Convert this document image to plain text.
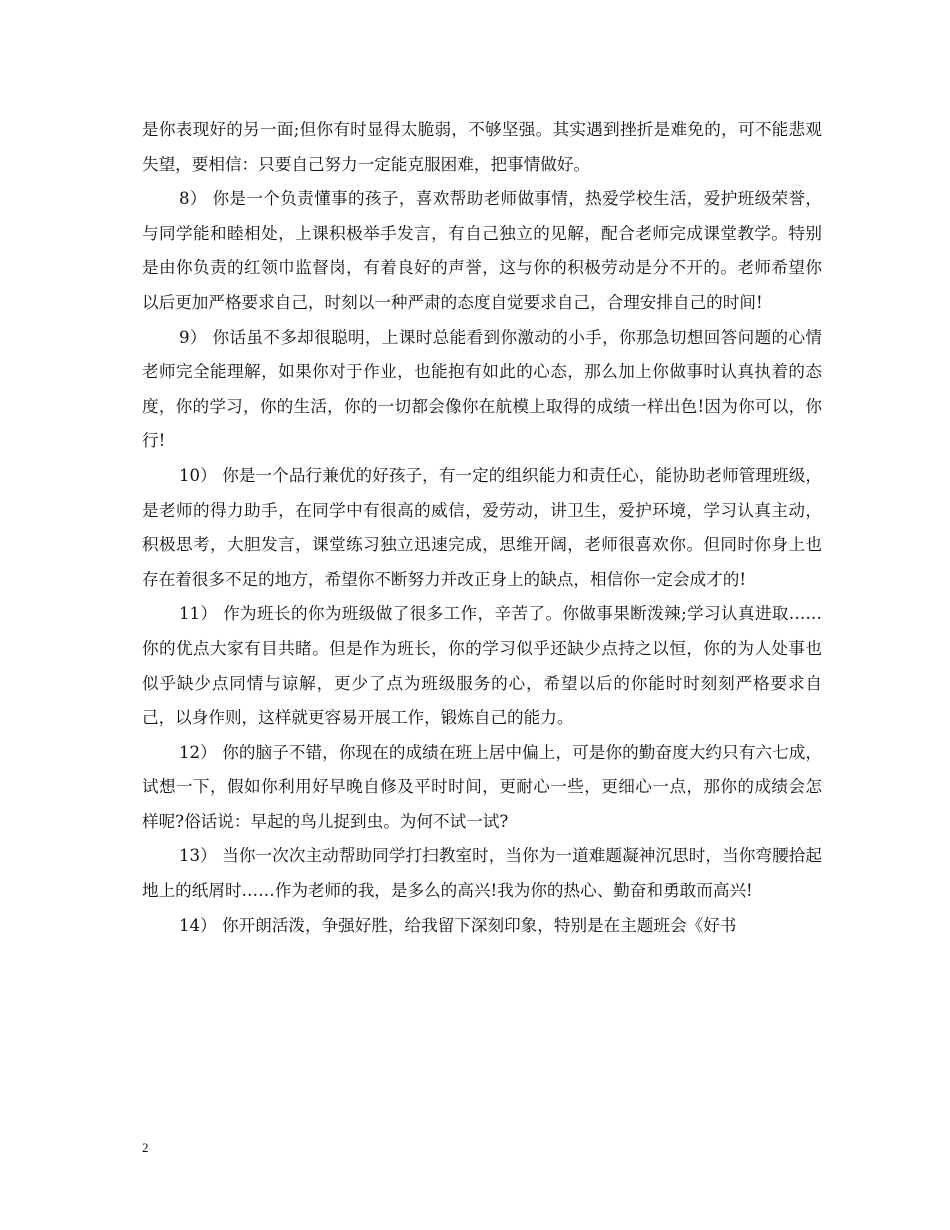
是你表现好的另一面;但你有时显得太脆弱，不够坚强。其实遇到挫折是难免的，可不能悲观失望，要相信：只要自己努力一定能克服困难，把事情做好。

8） 你是一个负责懂事的孩子，喜欢帮助老师做事情，热爱学校生活，爱护班级荣誉，与同学能和睦相处，上课积极举手发言，有自己独立的见解，配合老师完成课堂教学。特别是由你负责的红领巾监督岗，有着良好的声誉，这与你的积极劳动是分不开的。老师希望你以后更加严格要求自己，时刻以一种严肃的态度自觉要求自己，合理安排自己的时间!

9） 你话虽不多却很聪明，上课时总能看到你激动的小手，你那急切想回答问题的心情老师完全能理解，如果你对于作业，也能抱有如此的心态，那么加上你做事时认真执着的态度，你的学习，你的生活，你的一切都会像你在航模上取得的成绩一样出色!因为你可以，你行!

10） 你是一个品行兼优的好孩子，有一定的组织能力和责任心，能协助老师管理班级，是老师的得力助手，在同学中有很高的威信，爱劳动，讲卫生，爱护环境，学习认真主动，积极思考，大胆发言，课堂练习独立迅速完成，思维开阔，老师很喜欢你。但同时你身上也存在着很多不足的地方，希望你不断努力并改正身上的缺点，相信你一定会成才的!

11） 作为班长的你为班级做了很多工作，辛苦了。你做事果断泼辣;学习认真进取……你的优点大家有目共睹。但是作为班长，你的学习似乎还缺少点持之以恒，你的为人处事也似乎缺少点同情与谅解，更少了点为班级服务的心，希望以后的你能时时刻刻严格要求自己，以身作则，这样就更容易开展工作，锻炼自己的能力。

12） 你的脑子不错，你现在的成绩在班上居中偏上，可是你的勤奋度大约只有六七成，试想一下，假如你利用好早晚自修及平时时间，更耐心一些，更细心一点，那你的成绩会怎样呢?俗话说：早起的鸟儿捉到虫。为何不试一试?

13） 当你一次次主动帮助同学打扫教室时，当你为一道难题凝神沉思时，当你弯腰拾起地上的纸屑时……作为老师的我，是多么的高兴!我为你的热心、勤奋和勇敢而高兴!

14） 你开朗活泼，争强好胜，给我留下深刻印象，特别是在主题班会《好书

2
